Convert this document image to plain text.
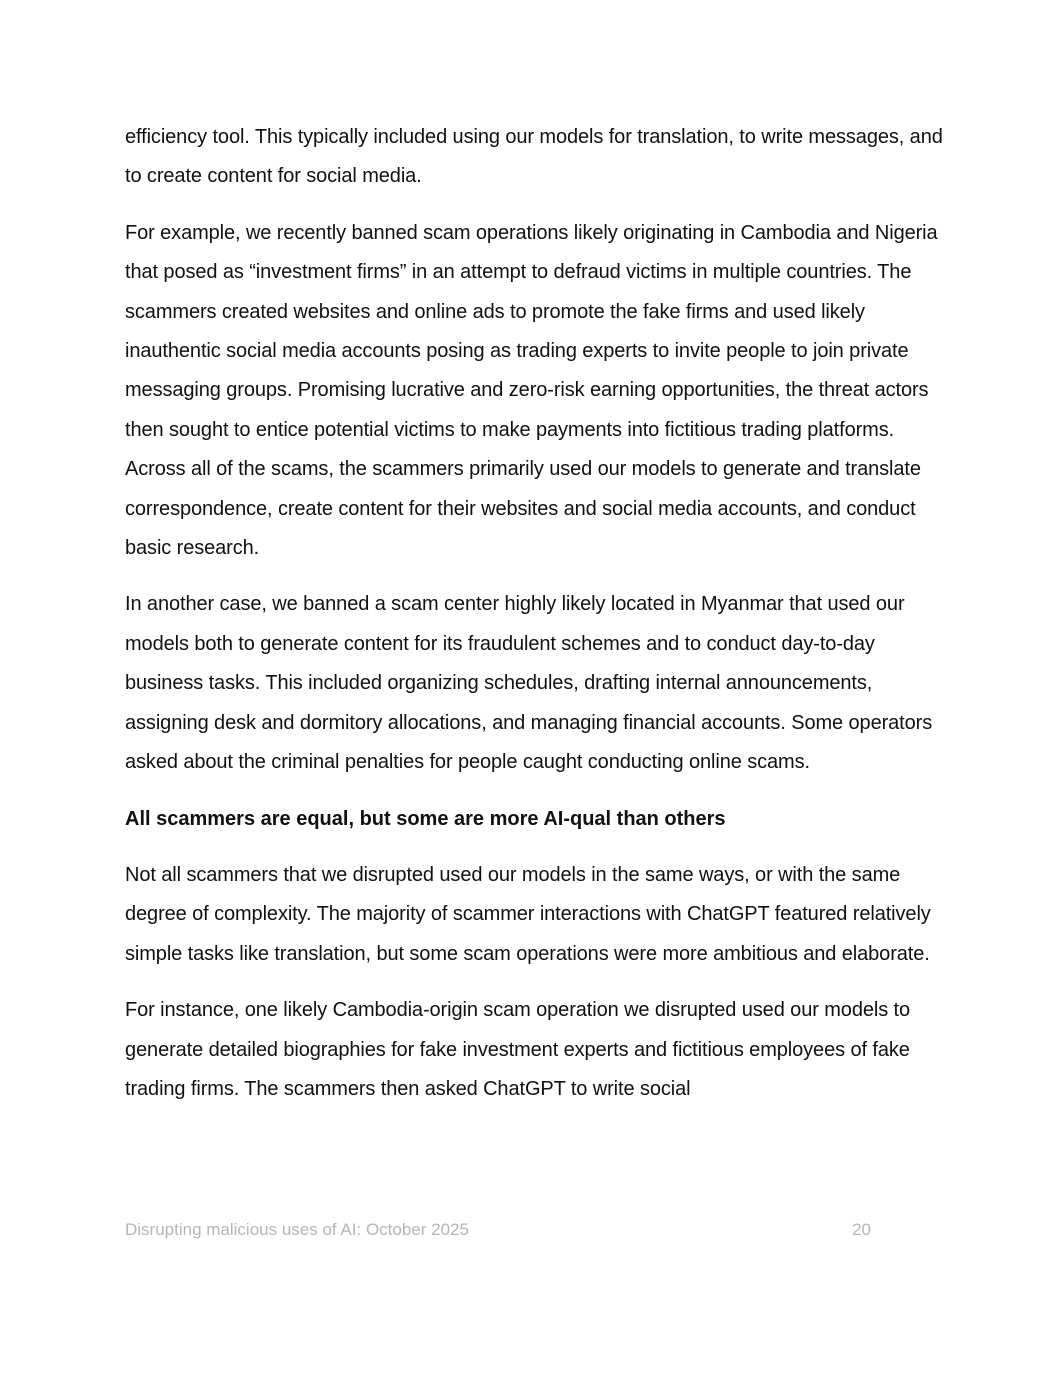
efficiency tool. This typically included using our models for translation, to write messages, and to create content for social media.

For example, we recently banned scam operations likely originating in Cambodia and Nigeria that posed as “investment firms” in an attempt to defraud victims in multiple countries. The scammers created websites and online ads to promote the fake firms and used likely inauthentic social media accounts posing as trading experts to invite people to join private messaging groups. Promising lucrative and zero-risk earning opportunities, the threat actors then sought to entice potential victims to make payments into fictitious trading platforms. Across all of the scams, the scammers primarily used our models to generate and translate correspondence, create content for their websites and social media accounts, and conduct basic research.

In another case, we banned a scam center highly likely located in Myanmar that used our models both to generate content for its fraudulent schemes and to conduct day-to-day business tasks. This included organizing schedules, drafting internal announcements, assigning desk and dormitory allocations, and managing financial accounts. Some operators asked about the criminal penalties for people caught conducting online scams.

All scammers are equal, but some are more AI-qual than others

Not all scammers that we disrupted used our models in the same ways, or with the same degree of complexity. The majority of scammer interactions with ChatGPT featured relatively simple tasks like translation, but some scam operations were more ambitious and elaborate.

For instance, one likely Cambodia-origin scam operation we disrupted used our models to generate detailed biographies for fake investment experts and fictitious employees of fake trading firms. The scammers then asked ChatGPT to write social

Disrupting malicious uses of AI: October 2025	20
